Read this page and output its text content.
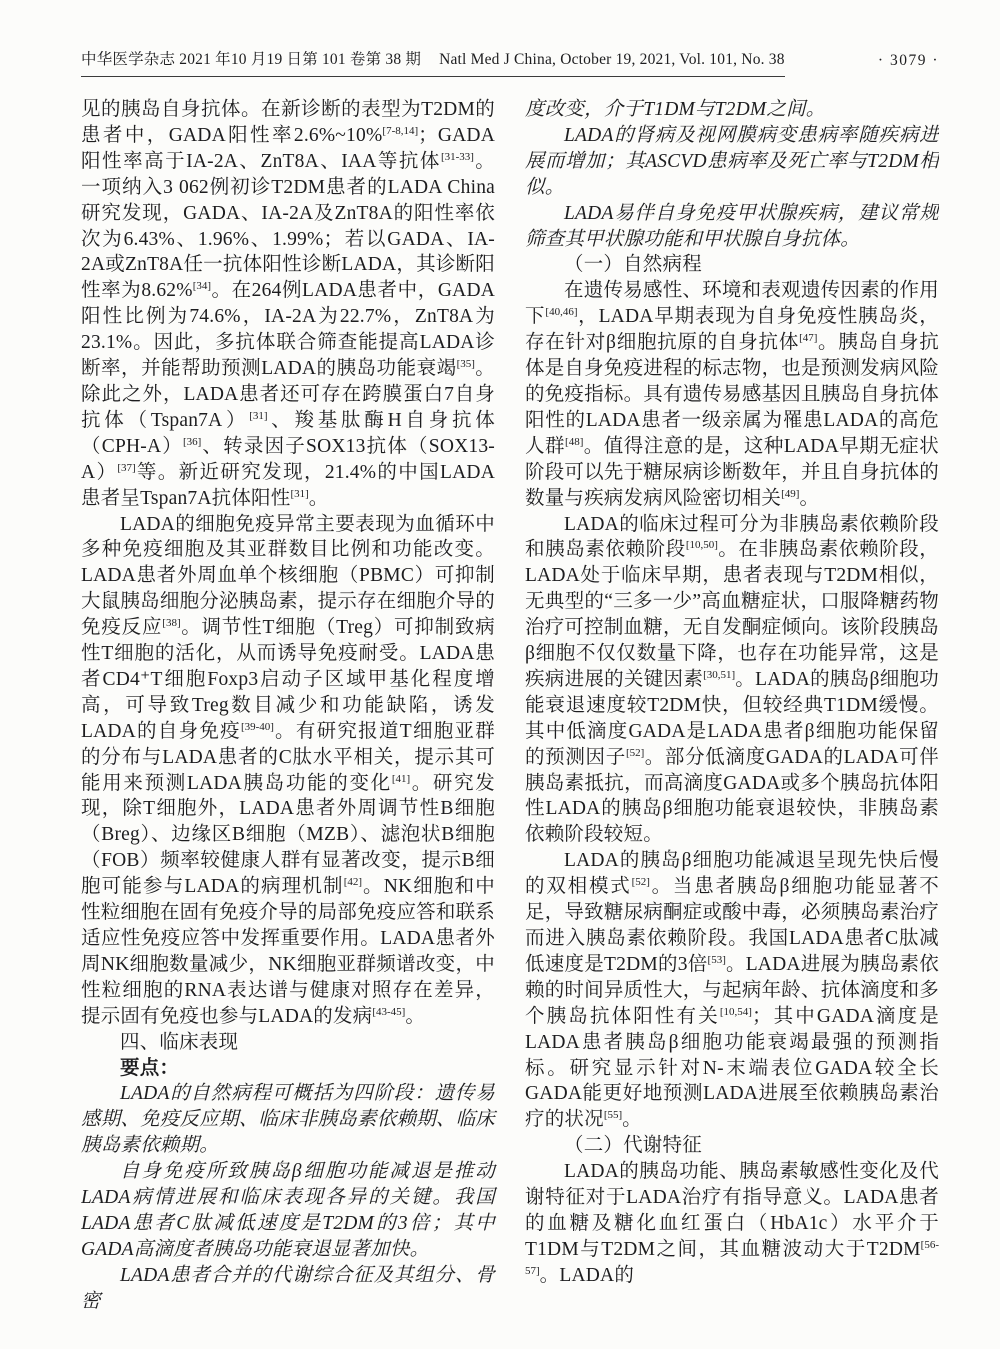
中华医学杂志 2021 年10 月19 日第 101 卷第 38 期 Natl Med J China, October 19, 2021, Vol. 101, No. 38	· 3079 ·

见的胰岛自身抗体。在新诊断的表型为T2DM的患者中，GADA阳性率2.6%~10%[7-8,14]；GADA阳性率高于IA-2A、ZnT8A、IAA等抗体[31-33]。一项纳入3 062例初诊T2DM患者的LADA China研究发现，GADA、IA-2A及ZnT8A的阳性率依次为6.43%、1.96%、1.99%；若以GADA、IA-2A或ZnT8A任一抗体阳性诊断LADA，其诊断阳性率为8.62%[34]。在264例LADA患者中，GADA阳性比例为74.6%，IA-2A为22.7%，ZnT8A为23.1%。因此，多抗体联合筛查能提高LADA诊断率，并能帮助预测LADA的胰岛功能衰竭[35]。除此之外，LADA患者还可存在跨膜蛋白7自身抗体（Tspan7A）[31]、羧基肽酶H自身抗体（CPH-A）[36]、转录因子SOX13抗体（SOX13-A）[37]等。新近研究发现，21.4%的中国LADA患者呈Tspan7A抗体阳性[31]。

LADA的细胞免疫异常主要表现为血循环中多种免疫细胞及其亚群数目比例和功能改变。LADA患者外周血单个核细胞（PBMC）可抑制大鼠胰岛细胞分泌胰岛素，提示存在细胞介导的免疫反应[38]。调节性T细胞（Treg）可抑制致病性T细胞的活化，从而诱导免疫耐受。LADA患者CD4⁺T细胞Foxp3启动子区域甲基化程度增高，可导致Treg数目减少和功能缺陷，诱发LADA的自身免疫[39-40]。有研究报道T细胞亚群的分布与LADA患者的C肽水平相关，提示其可能用来预测LADA胰岛功能的变化[41]。研究发现，除T细胞外，LADA患者外周调节性B细胞（Breg）、边缘区B细胞（MZB）、滤泡状B细胞（FOB）频率较健康人群有显著改变，提示B细胞可能参与LADA的病理机制[42]。NK细胞和中性粒细胞在固有免疫介导的局部免疫应答和联系适应性免疫应答中发挥重要作用。LADA患者外周NK细胞数量减少，NK细胞亚群频谱改变，中性粒细胞的RNA表达谱与健康对照存在差异，提示固有免疫也参与LADA的发病[43-45]。

四、临床表现

要点：

LADA的自然病程可概括为四阶段：遗传易感期、免疫反应期、临床非胰岛素依赖期、临床胰岛素依赖期。

自身免疫所致胰岛β细胞功能减退是推动LADA病情进展和临床表现各异的关键。我国LADA患者C肽减低速度是T2DM的3倍；其中GADA高滴度者胰岛功能衰退显著加快。

LADA患者合并的代谢综合征及其组分、骨密

度改变，介于T1DM与T2DM之间。

LADA的肾病及视网膜病变患病率随疾病进展而增加；其ASCVD患病率及死亡率与T2DM相似。

LADA易伴自身免疫甲状腺疾病，建议常规筛查其甲状腺功能和甲状腺自身抗体。

（一）自然病程

在遗传易感性、环境和表观遗传因素的作用下[40,46]，LADA早期表现为自身免疫性胰岛炎，存在针对β细胞抗原的自身抗体[47]。胰岛自身抗体是自身免疫进程的标志物，也是预测发病风险的免疫指标。具有遗传易感基因且胰岛自身抗体阳性的LADA患者一级亲属为罹患LADA的高危人群[48]。值得注意的是，这种LADA早期无症状阶段可以先于糖尿病诊断数年，并且自身抗体的数量与疾病发病风险密切相关[49]。

LADA的临床过程可分为非胰岛素依赖阶段和胰岛素依赖阶段[10,50]。在非胰岛素依赖阶段，LADA处于临床早期，患者表现与T2DM相似，无典型的“三多一少”高血糖症状，口服降糖药物治疗可控制血糖，无自发酮症倾向。该阶段胰岛β细胞不仅仅数量下降，也存在功能异常，这是疾病进展的关键因素[30,51]。LADA的胰岛β细胞功能衰退速度较T2DM快，但较经典T1DM缓慢。其中低滴度GADA是LADA患者β细胞功能保留的预测因子[52]。部分低滴度GADA的LADA可伴胰岛素抵抗，而高滴度GADA或多个胰岛抗体阳性LADA的胰岛β细胞功能衰退较快，非胰岛素依赖阶段较短。

LADA的胰岛β细胞功能减退呈现先快后慢的双相模式[52]。当患者胰岛β细胞功能显著不足，导致糖尿病酮症或酸中毒，必须胰岛素治疗而进入胰岛素依赖阶段。我国LADA患者C肽减低速度是T2DM的3倍[53]。LADA进展为胰岛素依赖的时间异质性大，与起病年龄、抗体滴度和多个胰岛抗体阳性有关[10,54]；其中GADA滴度是LADA患者胰岛β细胞功能衰竭最强的预测指标。研究显示针对N-末端表位GADA较全长GADA能更好地预测LADA进展至依赖胰岛素治疗的状况[55]。

（二）代谢特征

LADA的胰岛功能、胰岛素敏感性变化及代谢特征对于LADA治疗有指导意义。LADA患者的血糖及糖化血红蛋白（HbA1c）水平介于T1DM与T2DM之间，其血糖波动大于T2DM[56-57]。LADA的
